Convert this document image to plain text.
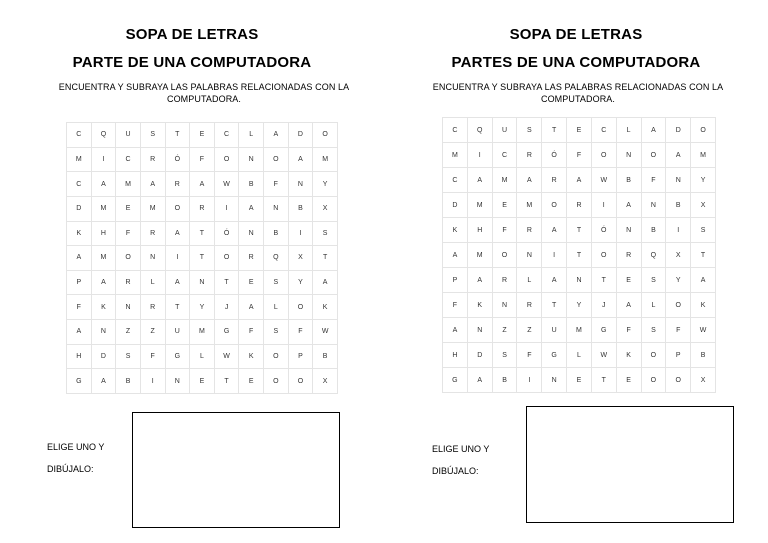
SOPA DE LETRAS
PARTE DE UNA COMPUTADORA
ENCUENTRA Y SUBRAYA LAS PALABRAS RELACIONADAS CON LA COMPUTADORA.
C	Q	U	S	T	E	C	L	A	D	O
M	I	C	R	Ó	F	O	N	O	A	M
C	A	M	A	R	A	W	B	F	N	Y
D	M	E	M	O	R	I	A	N	B	X
K	H	F	R	A	T	Ó	N	B	I	S
A	M	O	N	I	T	O	R	Q	X	T
P	A	R	L	A	N	T	E	S	Y	A
F	K	N	R	T	Y	J	A	L	O	K
A	N	Z	Z	U	M	G	F	S	F	W
H	D	S	F	G	L	W	K	O	P	B
G	A	B	I	N	E	T	E	O	O	X
ELIGE UNO Y
DIBÚJALO:
SOPA DE LETRAS
PARTES DE UNA COMPUTADORA
ENCUENTRA Y SUBRAYA LAS PALABRAS RELACIONADAS CON LA COMPUTADORA.
C	Q	U	S	T	E	C	L	A	D	O
M	I	C	R	Ó	F	O	N	O	A	M
C	A	M	A	R	A	W	B	F	N	Y
D	M	E	M	O	R	I	A	N	B	X
K	H	F	R	A	T	Ó	N	B	I	S
A	M	O	N	I	T	O	R	Q	X	T
P	A	R	L	A	N	T	E	S	Y	A
F	K	N	R	T	Y	J	A	L	O	K
A	N	Z	Z	U	M	G	F	S	F	W
H	D	S	F	G	L	W	K	O	P	B
G	A	B	I	N	E	T	E	O	O	X
ELIGE UNO Y
DIBÚJALO:
